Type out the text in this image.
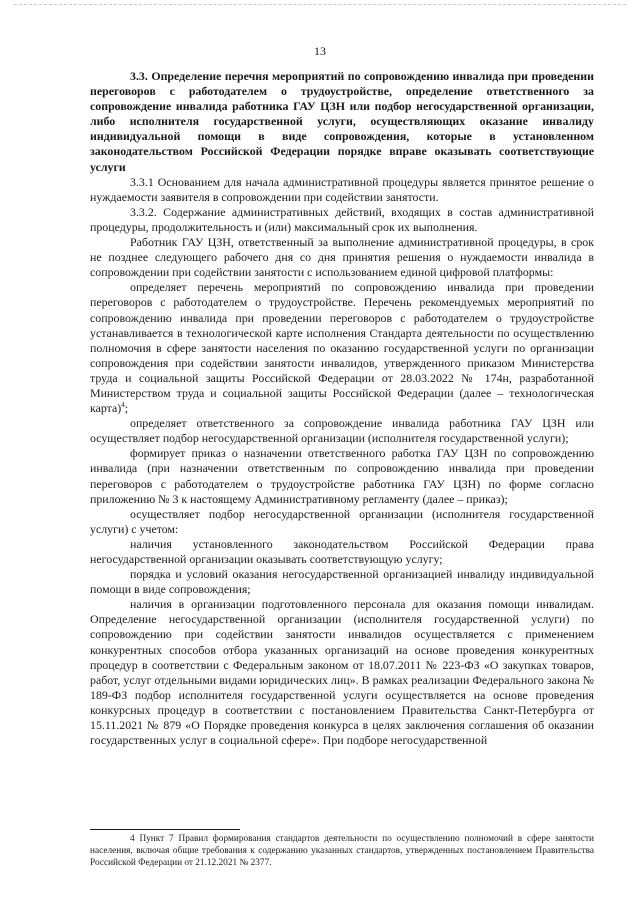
13

3.3. Определение перечня мероприятий по сопровождению инвалида при проведении переговоров с работодателем о трудоустройстве, определение ответственного за сопровождение инвалида работника ГАУ ЦЗН или подбор негосударственной организации, либо исполнителя государственной услуги, осуществляющих оказание инвалиду индивидуальной помощи в виде сопровождения, которые в установленном законодательством Российской Федерации порядке вправе оказывать соответствующие услуги

3.3.1 Основанием для начала административной процедуры является принятое решение о нуждаемости заявителя в сопровождении при содействии занятости.

3.3.2. Содержание административных действий, входящих в состав административной процедуры, продолжительность и (или) максимальный срок их выполнения.

Работник ГАУ ЦЗН, ответственный за выполнение административной процедуры, в срок не позднее следующего рабочего дня со дня принятия решения о нуждаемости инвалида в сопровождении при содействии занятости с использованием единой цифровой платформы:

определяет перечень мероприятий по сопровождению инвалида при проведении переговоров с работодателем о трудоустройстве. Перечень рекомендуемых мероприятий по сопровождению инвалида при проведении переговоров с работодателем о трудоустройстве устанавливается в технологической карте исполнения Стандарта деятельности по осуществлению полномочия в сфере занятости населения по оказанию государственной услуги по организации сопровождения при содействии занятости инвалидов, утвержденного приказом Министерства труда и социальной защиты Российской Федерации от 28.03.2022 № 174н, разработанной Министерством труда и социальной защиты Российской Федерации (далее – технологическая карта)$^4$;

определяет ответственного за сопровождение инвалида работника ГАУ ЦЗН или осуществляет подбор негосударственной организации (исполнителя государственной услуги);

формирует приказ о назначении ответственного работка ГАУ ЦЗН по сопровождению инвалида (при назначении ответственным по сопровождению инвалида при проведении переговоров с работодателем о трудоустройстве работника ГАУ ЦЗН) по форме согласно приложению № 3 к настоящему Административному регламенту (далее – приказ);

осуществляет подбор негосударственной организации (исполнителя государственной услуги) с учетом:

наличия установленного законодательством Российской Федерации права негосударственной организации оказывать соответствующую услугу;

порядка и условий оказания негосударственной организацией инвалиду индивидуальной помощи в виде сопровождения;

наличия в организации подготовленного персонала для оказания помощи инвалидам. Определение негосударственной организации (исполнителя государственной услуги) по сопровождению при содействии занятости инвалидов осуществляется с применением конкурентных способов отбора указанных организаций на основе проведения конкурентных процедур в соответствии с Федеральным законом от 18.07.2011 № 223-ФЗ «О закупках товаров, работ, услуг отдельными видами юридических лиц». В рамках реализации Федерального закона № 189-ФЗ подбор исполнителя государственной услуги осуществляется на основе проведения конкурсных процедур в соответствии с постановлением Правительства Санкт-Петербурга от 15.11.2021 № 879 «О Порядке проведения конкурса в целях заключения соглашения об оказании государственных услуг в социальной сфере». При подборе негосударственной

4 Пункт 7 Правил формирования стандартов деятельности по осуществлению полномочий в сфере занятости населения, включая общие требования к содержанию указанных стандартов, утвержденных постановлением Правительства Российской Федерации от 21.12.2021 № 2377.
